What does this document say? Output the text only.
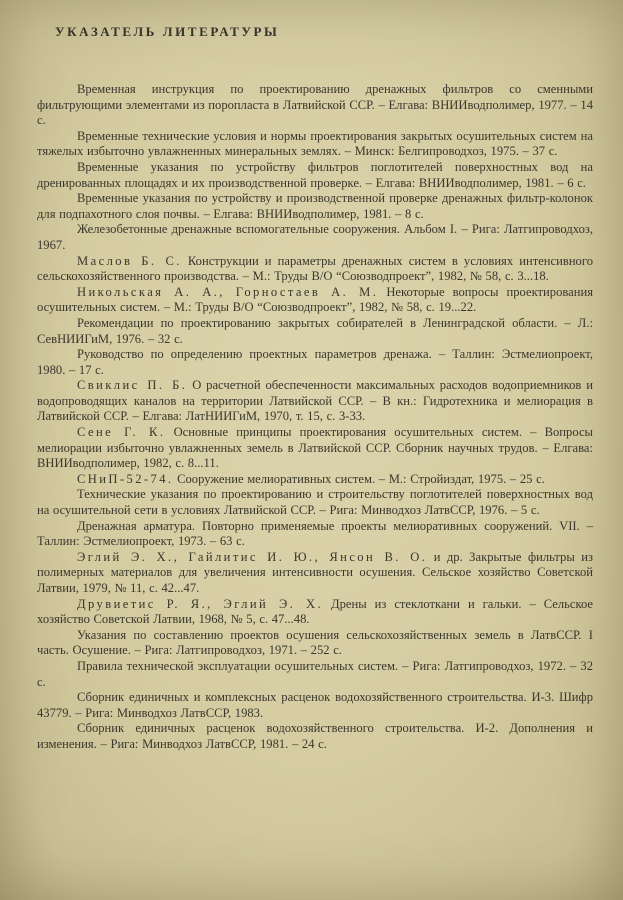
УКАЗАТЕЛЬ ЛИТЕРАТУРЫ

Временная инструкция по проектированию дренажных фильтров со сменными фильтрующими элементами из поропласта в Латвийской ССР. – Елгава: ВНИИводполимер, 1977. – 14 с.

Временные технические условия и нормы проектирования закрытых осушительных систем на тяжелых избыточно увлажненных минеральных землях. – Минск: Белгипроводхоз, 1975. – 37 с.

Временные указания по устройству фильтров поглотителей поверхностных вод на дренированных площадях и их производственной проверке. – Елгава: ВНИИводполимер, 1981. – 6 с.

Временные указания по устройству и производственной проверке дренажных фильтр-колонок для подпахотного слоя почвы. – Елгава: ВНИИводполимер, 1981. – 8 с.

Железобетонные дренажные вспомогательные сооружения. Альбом I. – Рига: Латгипроводхоз, 1967.

Маслов Б. С. Конструкции и параметры дренажных систем в условиях интенсивного сельскохозяйственного производства. – М.: Труды В/О “Союзводпроект”, 1982, № 58, с. 3...18.

Никольская А. А., Горностаев А. М. Некоторые вопросы проектирования осушительных систем. – М.: Труды В/О “Союзводпроект”, 1982, № 58, с. 19...22.

Рекомендации по проектированию закрытых собирателей в Ленинградской области. – Л.: СевНИИГиМ, 1976. – 32 с.

Руководство по определению проектных параметров дренажа. – Таллин: Эстмелиопроект, 1980. – 17 с.

Свиклис П. Б. О расчетной обеспеченности максимальных расходов водоприемников и водопроводящих каналов на территории Латвийской ССР. – В кн.: Гидротехника и мелиорация в Латвийской ССР. – Елгава: ЛатНИИГиМ, 1970, т. 15, с. 3-33.

Сене Г. К. Основные принципы проектирования осушительных систем. – Вопросы мелиорации избыточно увлажненных земель в Латвийской ССР. Сборник научных трудов. – Елгава: ВНИИводполимер, 1982, с. 8...11.

СНиП-52-74. Сооружение мелиоративных систем. – М.: Стройиздат, 1975. – 25 с.

Технические указания по проектированию и строительству поглотителей поверхностных вод на осушительной сети в условиях Латвийской ССР. – Рига: Минводхоз ЛатвССР, 1976. – 5 с.

Дренажная арматура. Повторно применяемые проекты мелиоративных сооружений. VII. – Таллин: Эстмелиопроект, 1973. – 63 с.

Эглий Э. Х., Гайлитис И. Ю., Янсон В. О. и др. Закрытые фильтры из полимерных материалов для увеличения интенсивности осушения. Сельское хозяйство Советской Латвии, 1979, № 11, с. 42...47.

Друвиетис Р. Я., Эглий Э. Х. Дрены из стеклоткани и гальки. – Сельское хозяйство Советской Латвии, 1968, № 5, с. 47...48.

Указания по составлению проектов осушения сельскохозяйственных земель в ЛатвССР. I часть. Осушение. – Рига: Латгипроводхоз, 1971. – 252 с.

Правила технической эксплуатации осушительных систем. – Рига: Латгипроводхоз, 1972. – 32 с.

Сборник единичных и комплексных расценок водохозяйственного строительства. И-3. Шифр 43779. – Рига: Минводхоз ЛатвССР, 1983.

Сборник единичных расценок водохозяйственного строительства. И-2. Дополнения и изменения. – Рига: Минводхоз ЛатвССР, 1981. – 24 с.
